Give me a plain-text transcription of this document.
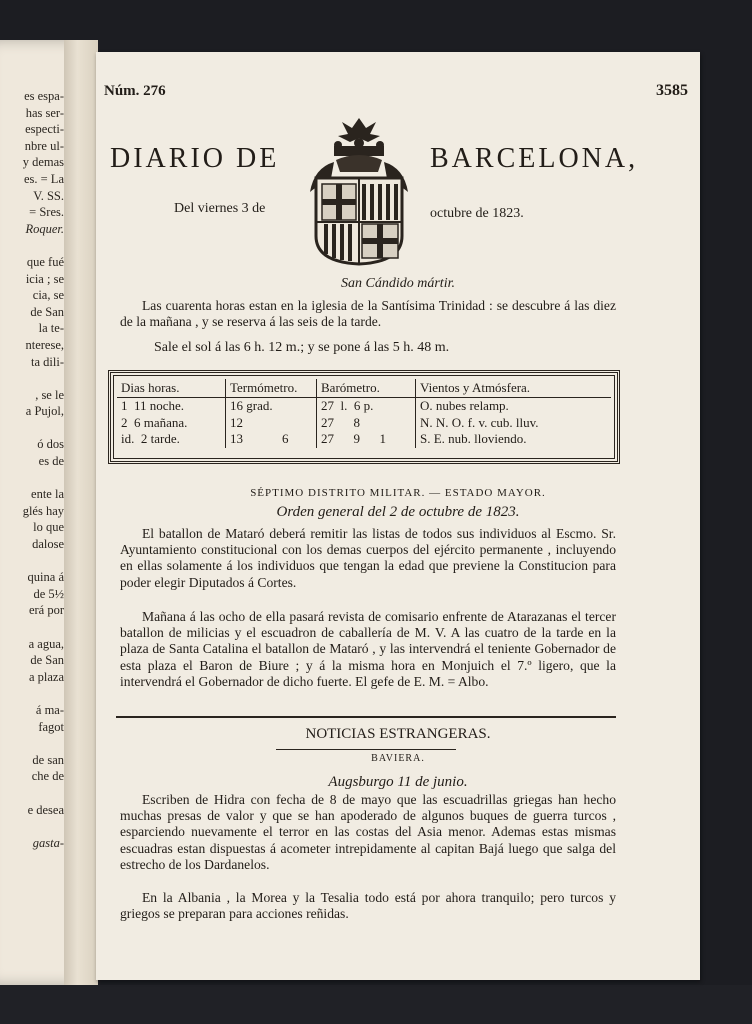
es espa-
has ser-
especti-
nbre ul-
y demas
es. = La
V. SS.
= Sres.
Roquer.
que fué
icia ; se
cia, se
de San
la te-
nterese,
ta dili-
, se le
a Pujol,
ó dos
es de
ente la
glés hay
lo que
dalose
quina á
de 5½
erá por
a agua,
de San
a plaza
á ma-
fagot
de san
che de
e desea
gasta-
Núm. 276	3585
DIARIO DE	BARCELONA,
Del viernes 3 de	octubre de 1823.
San Cándido mártir.
Las cuarenta horas estan en la iglesia de la Santísima Trinidad : se descubre á las diez de la mañana , y se reserva á las seis de la tarde.
Sale el sol á las 6 h. 12 m.; y se pone á las 5 h. 48 m.
Dias horas.	Termómetro.	Barómetro.	Vientos y Atmósfera.
1 11 noche.	16 grad.	27  l.  6 p.	O. nubes relamp.
2 6 mañana.	12	27      8	N. N. O. f. v. cub. lluv.
id. 2 tarde.	13            6	27      9      1	S. E. nub. lloviendo.
SÉPTIMO DISTRITO MILITAR. — ESTADO MAYOR.
Orden general del 2 de octubre de 1823.
El batallon de Mataró deberá remitir las listas de todos sus individuos al Escmo. Sr. Ayuntamiento constitucional con los demas cuerpos del ejército permanente , incluyendo en ellas solamente á los individuos que tengan la edad que previene la Constitucion para poder elegir Diputados á Cortes.
Mañana á las ocho de ella pasará revista de comisario enfrente de Atarazanas el tercer batallon de milicias y el escuadron de caballería de M. V. A las cuatro de la tarde en la plaza de Santa Catalina el batallon de Mataró , y las intervendrá el teniente Gobernador de esta plaza el Baron de Biure ; y á la misma hora en Monjuich el 7.º ligero, que la intervendrá el Gobernador de dicho fuerte. El gefe de E. M. = Albo.
NOTICIAS ESTRANGERAS.
BAVIERA.
Augsburgo 11 de junio.
Escriben de Hidra con fecha de 8 de mayo que las escuadrillas griegas han hecho muchas presas de valor y que se han apoderado de algunos buques de guerra turcos , esparciendo nuevamente el terror en las costas del Asia menor. Ademas estas mismas escuadras estan dispuestas á acometer intrepidamente al capitan Bajá luego que salga del estrecho de los Dardanelos.
En la Albania , la Morea y la Tesalia todo está por ahora tranquilo; pero turcos y griegos se preparan para acciones reñidas.
